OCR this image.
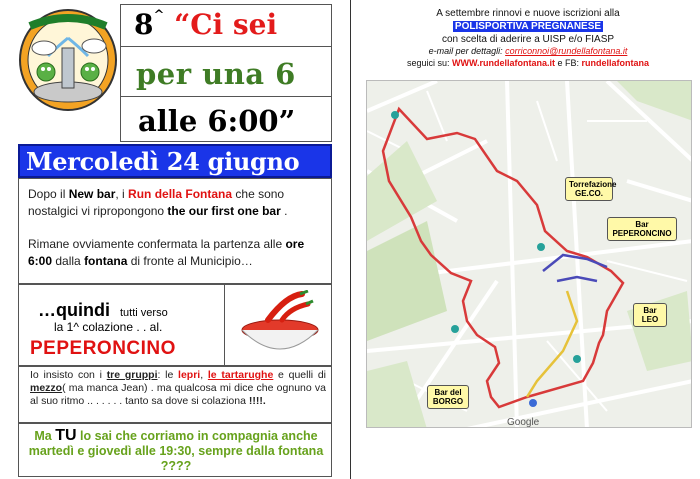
8^ “Ci sei
per una 6
alle 6:00”
Mercoledì 24 giugno
Dopo il New bar, i Run della Fontana che sono nostalgici vi ripropongono the our first one bar .
Rimane ovviamente confermata la partenza alle ore 6:00 dalla fontana di fronte al Municipio…
…quindi tutti verso
la 1^ colazione . . al.
PEPERONCINO
Io insisto con i tre gruppi: le lepri, le tartarughe e quelli di mezzo( ma manca Jean) . ma qualcosa mi dice che ognuno va al suo ritmo .. . . . . . tanto sa dove si colaziona !!!!.
Ma TU lo sai che corriamo in compagnia anche martedì e giovedì alle 19:30, sempre dalla fontana ????
A settembre rinnovi e nuove iscrizioni alla
POLISPORTIVA PREGNANESE
con scelta di aderire a UISP e/o FIASP
e-mail per dettagli: corriconnoi@rundellafontana.it
seguici su: WWW.rundellafontana.it e FB: rundellafontana
Google
Torrefazione GE.CO.
Bar PEPERONCINO
Bar LEO
Bar del BORGO
